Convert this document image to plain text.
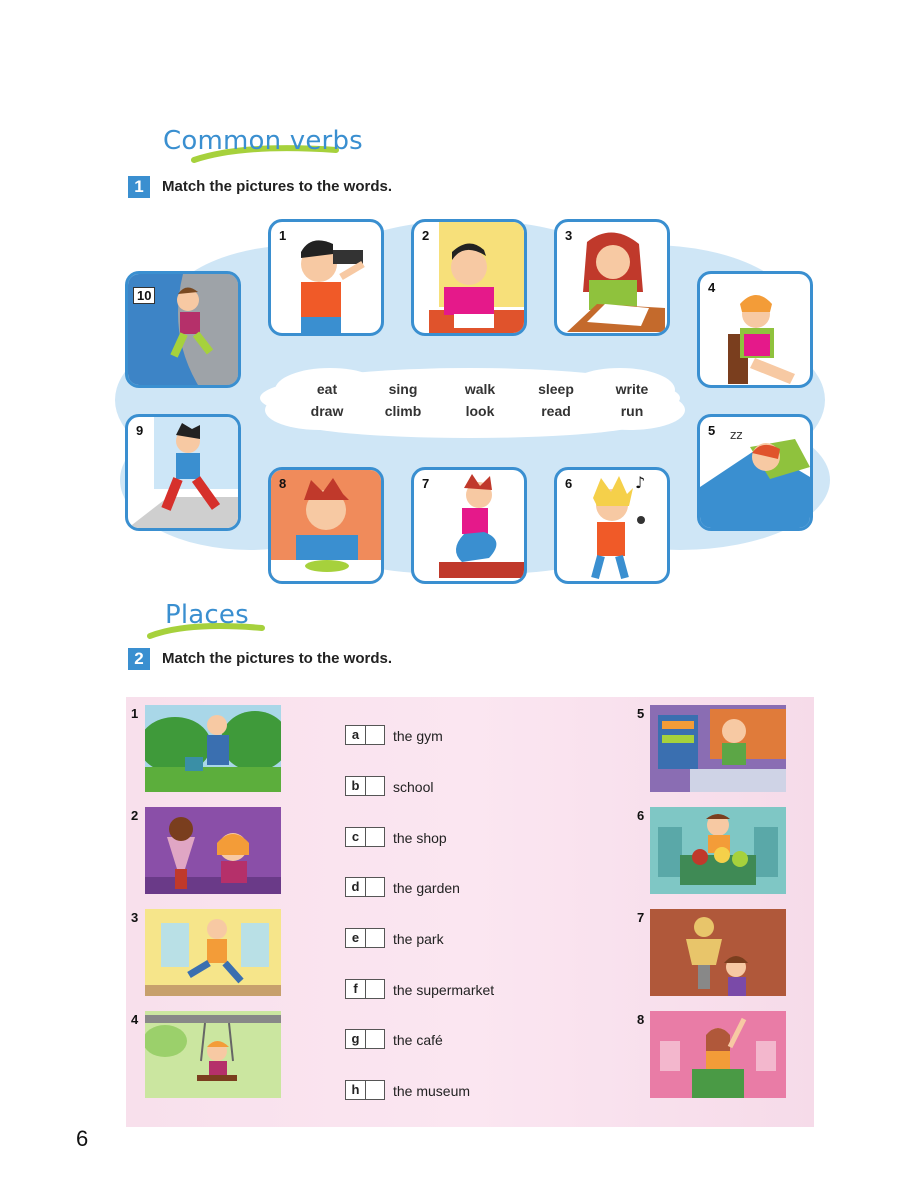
Common verbs
1	Match the pictures to the words.
1	2	3
4
5 zz
6	♪
7
8
9
10
eat	sing	walk	sleep	write
draw	climb	look	read	run
Places
2	Match the pictures to the words.
1
2
3
4
a	the gym
b	school
c	the shop
d	the garden
e	the park
f	the supermarket
g	the café
h	the museum
5
6
7
8
6
